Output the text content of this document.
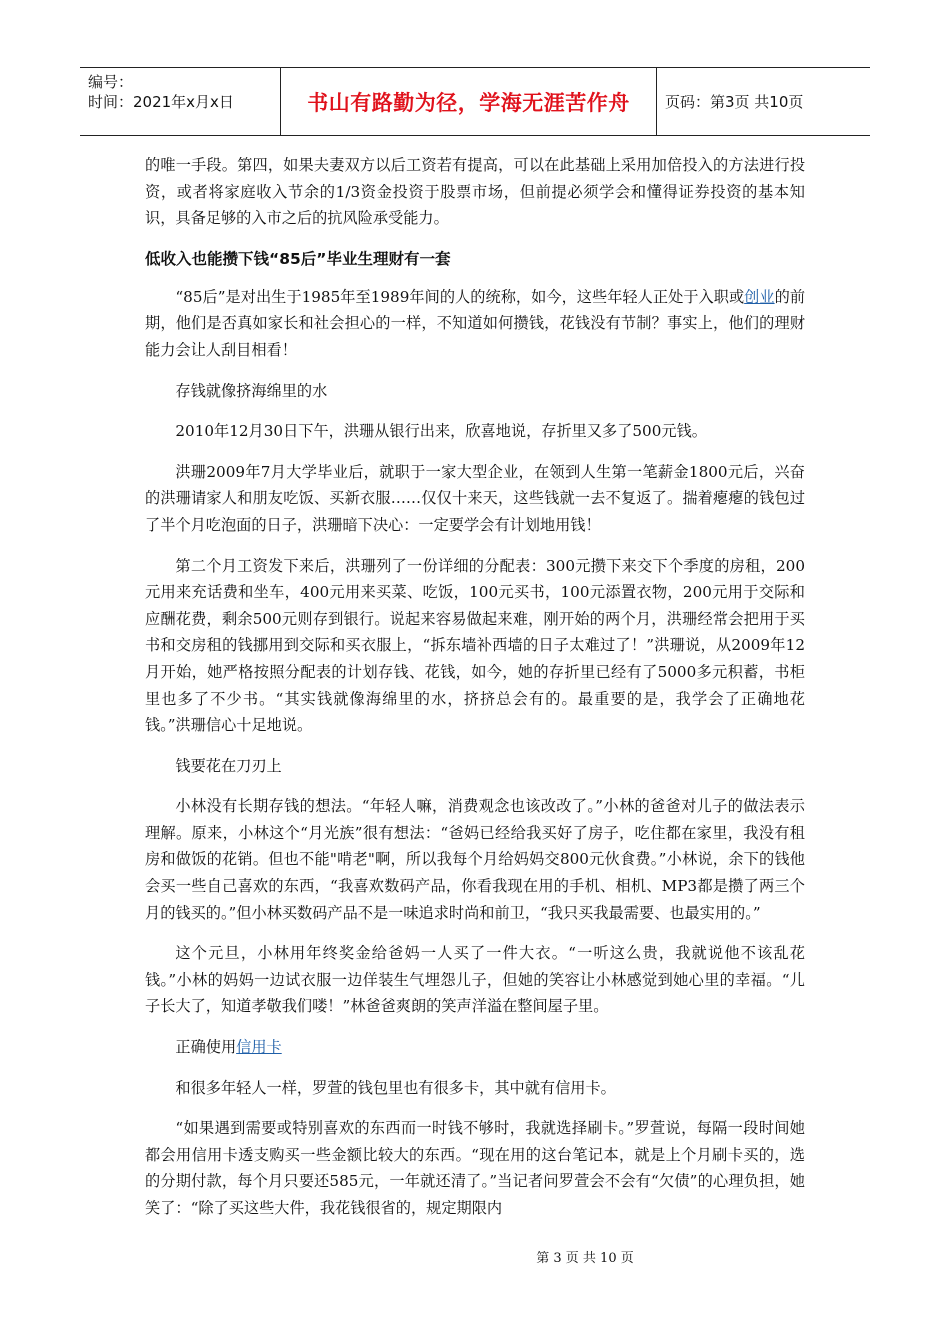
编号：
时间：2021年x月x日	书山有路勤为径，学海无涯苦作舟	页码：第3页 共10页

的唯一手段。第四，如果夫妻双方以后工资若有提高，可以在此基础上采用加倍投入的方法进行投资，或者将家庭收入节余的1/3资金投资于股票市场，但前提必须学会和懂得证券投资的基本知识，具备足够的入市之后的抗风险承受能力。

低收入也能攒下钱“85后”毕业生理财有一套

“85后”是对出生于1985年至1989年间的人的统称，如今，这些年轻人正处于入职或创业的前期，他们是否真如家长和社会担心的一样，不知道如何攒钱，花钱没有节制？事实上，他们的理财能力会让人刮目相看！

存钱就像挤海绵里的水

2010年12月30日下午，洪珊从银行出来，欣喜地说，存折里又多了500元钱。

洪珊2009年7月大学毕业后，就职于一家大型企业，在领到人生第一笔薪金1800元后，兴奋的洪珊请家人和朋友吃饭、买新衣服……仅仅十来天，这些钱就一去不复返了。揣着瘪瘪的钱包过了半个月吃泡面的日子，洪珊暗下决心：一定要学会有计划地用钱！

第二个月工资发下来后，洪珊列了一份详细的分配表：300元攒下来交下个季度的房租，200元用来充话费和坐车，400元用来买菜、吃饭，100元买书，100元添置衣物，200元用于交际和应酬花费，剩余500元则存到银行。说起来容易做起来难，刚开始的两个月，洪珊经常会把用于买书和交房租的钱挪用到交际和买衣服上，“拆东墙补西墙的日子太难过了！”洪珊说，从2009年12月开始，她严格按照分配表的计划存钱、花钱，如今，她的存折里已经有了5000多元积蓄，书柜里也多了不少书。“其实钱就像海绵里的水，挤挤总会有的。最重要的是，我学会了正确地花钱。”洪珊信心十足地说。

钱要花在刀刃上

小林没有长期存钱的想法。“年轻人嘛，消费观念也该改改了。”小林的爸爸对儿子的做法表示理解。原来，小林这个“月光族”很有想法：“爸妈已经给我买好了房子，吃住都在家里，我没有租房和做饭的花销。但也不能"啃老"啊，所以我每个月给妈妈交800元伙食费。”小林说，余下的钱他会买一些自己喜欢的东西，“我喜欢数码产品，你看我现在用的手机、相机、MP3都是攒了两三个月的钱买的。”但小林买数码产品不是一味追求时尚和前卫，“我只买我最需要、也最实用的。”

这个元旦，小林用年终奖金给爸妈一人买了一件大衣。“一听这么贵，我就说他不该乱花钱。”小林的妈妈一边试衣服一边佯装生气埋怨儿子，但她的笑容让小林感觉到她心里的幸福。“儿子长大了，知道孝敬我们喽！”林爸爸爽朗的笑声洋溢在整间屋子里。

正确使用信用卡

和很多年轻人一样，罗萱的钱包里也有很多卡，其中就有信用卡。

“如果遇到需要或特别喜欢的东西而一时钱不够时，我就选择刷卡。”罗萱说，每隔一段时间她都会用信用卡透支购买一些金额比较大的东西。“现在用的这台笔记本，就是上个月刷卡买的，选的分期付款，每个月只要还585元，一年就还清了。”当记者问罗萱会不会有“欠债”的心理负担，她笑了：“除了买这些大件，我花钱很省的，规定期限内

第 3 页 共 10 页
